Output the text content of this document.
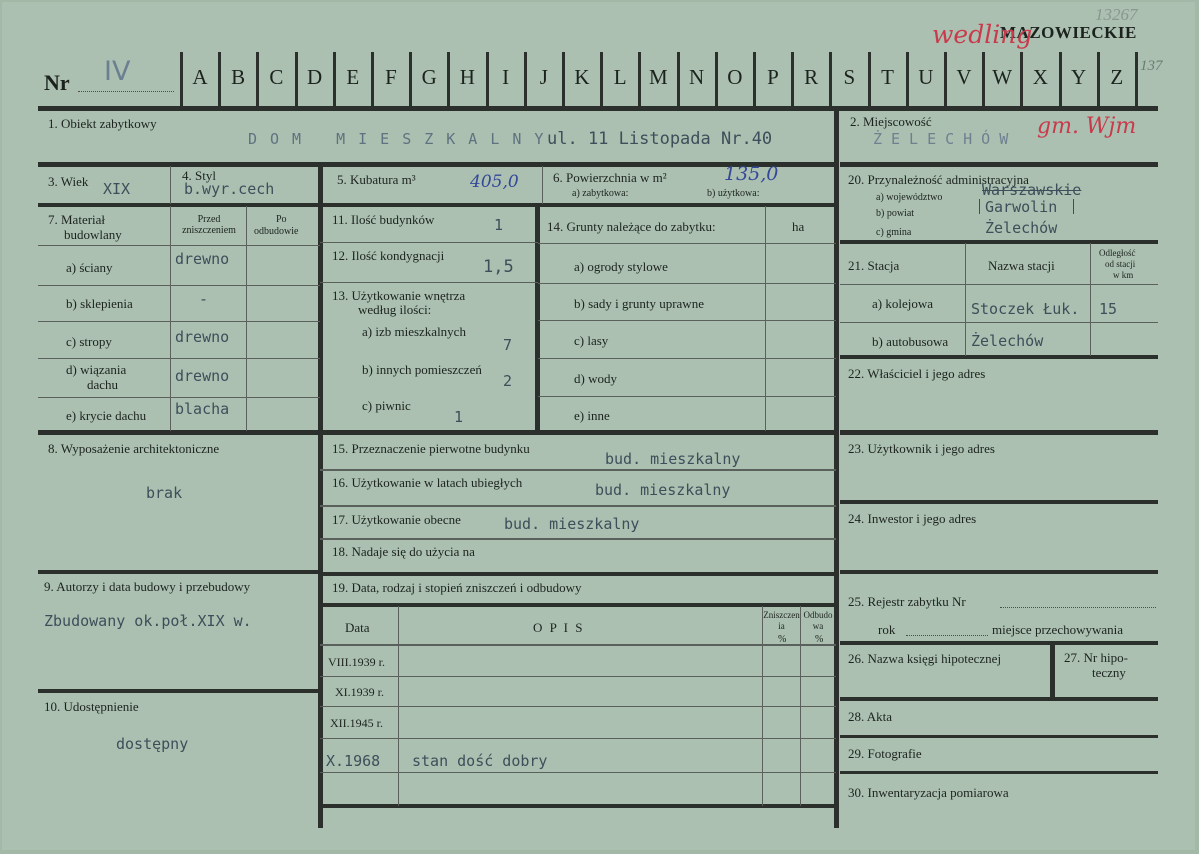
MAZOWIECKIE
13267
wedling
137
Nr IV	A	B	C	D	E	F	G	H	I	J	K	L	M	N	O	P	R	S	T	U	V W X	Y	Z
1. Obiekt zabytkowy
DOM MIESZKALNY
ul. 11 Listopada Nr.40
2. Miejscowość
ŻELECHÓW gm. Wjm
3. Wiek XIX
4. Styl
b.wyr.cech
5. Kubatura m³	405,0	6. Powierzchnia w m²	135,0
a) zabytkowa:	b) użytkowa:
7. Materiał
budowlany
Przed zniszczeniem
Po
odbudowie
a) ściany	drewno
b) sklepienia	-
c) stropy	drewno
d) wiązania
dachu	drewno
e) krycie dachu blacha
11. Ilość budynków	1
12. Ilość kondygnacji
1,5
13. Użytkowanie wnętrza
według ilości:
a) izb mieszkalnych
7
b) innych pomieszczeń
2
c) piwnic
1
14. Grunty należące do zabytku:	ha
a) ogrody stylowe
b) sady i grunty uprawne
c) lasy
d) wody
e) inne
8. Wyposażenie architektoniczne
brak
9. Autorzy i data budowy i przebudowy
Zbudowany ok.poł.XIX w.
10. Udostępnienie
dostępny
15. Przeznaczenie pierwotne budynku
bud. mieszkalny
16. Użytkowanie w latach ubiegłych	bud. mieszkalny
17. Użytkowanie obecne	bud. mieszkalny
18. Nadaje się do użycia na
19. Data, rodzaj i stopień zniszczeń i odbudowy
Data	O P I S
Zniszczenia
%
Odbudowa
%
VIII.1939 r.
XI.1939 r.
XII.1945 r.
X.1968 stan dość dobry
20. Przynależność administracyjna
a) województwo	Warszawskie
b) powiat	Garwolin
c) gmina	Żelechów
21. Stacja	Nazwa stacji
Odległość
od stacji
w km
a) kolejowa	Stoczek Łuk. 15
b) autobusowa Żelechów
22. Właściciel i jego adres
23. Użytkownik i jego adres
24. Inwestor i jego adres
25. Rejestr zabytku Nr
rok	miejsce przechowywania
26. Nazwa księgi hipotecznej	27. Nr hipo-
teczny
28. Akta
29. Fotografie
30. Inwentaryzacja pomiarowa
